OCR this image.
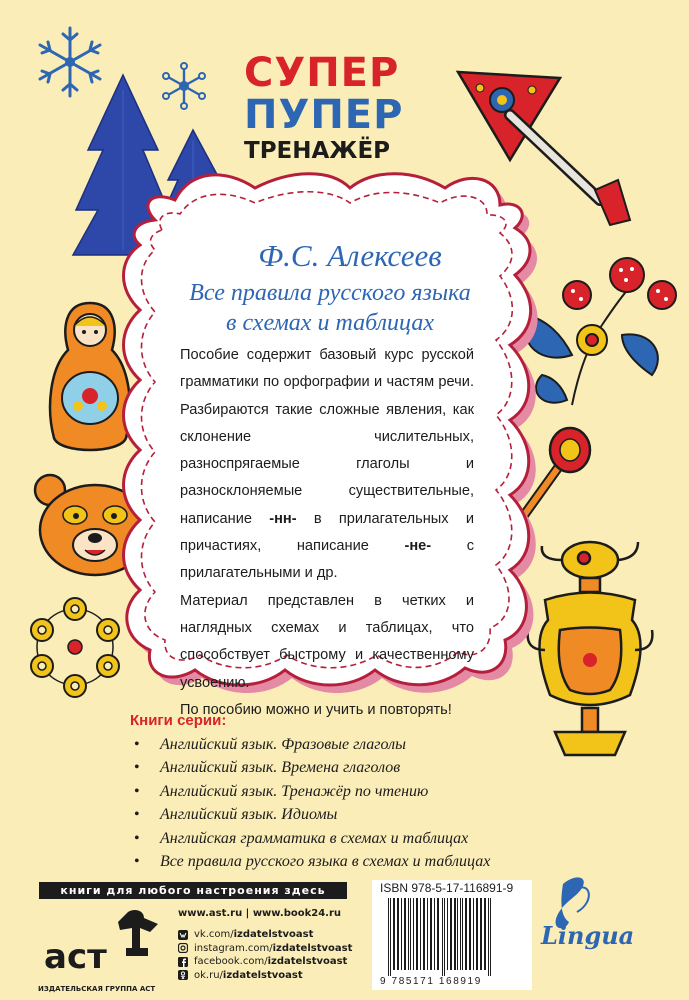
СУПЕР
ПУПЕР
ТРЕНАЖЁР
Ф.С. Алексеев
Все правила русского языка
в схемах и таблицах

Пособие содержит базовый курс русской грамматики по орфографии и частям речи. Разбираются такие сложные явления, как склонение числительных, разноспрягаемые глаголы и разносклоняемые существительные, написание -нн- в прилагательных и причастиях, написание -не- с прилагательными и др.

Материал представлен в четких и наглядных схемах и таблицах, что способствует быстрому и качественному усвоению.

По пособию можно и учить и повторять!

Книги серии:
• Английский язык. Фразовые глаголы
• Английский язык. Времена глаголов
• Английский язык. Тренажёр по чтению
• Английский язык. Идиомы
• Английская грамматика в схемах и таблицах
• Все правила русского языка в схемах и таблицах
книги для любого настроения здесь
аст
ИЗДАТЕЛЬСКАЯ ГРУППА АСТ
www.ast.ru | www.book24.ru
vk.com/ izdatelstvoast
instagram.com/ izdatelstvoast
facebook.com/ izdatelstvoast
ok.ru/ izdatelstvoast
ISBN 978-5-17-116891-9
9 785171 168919
Lingua
